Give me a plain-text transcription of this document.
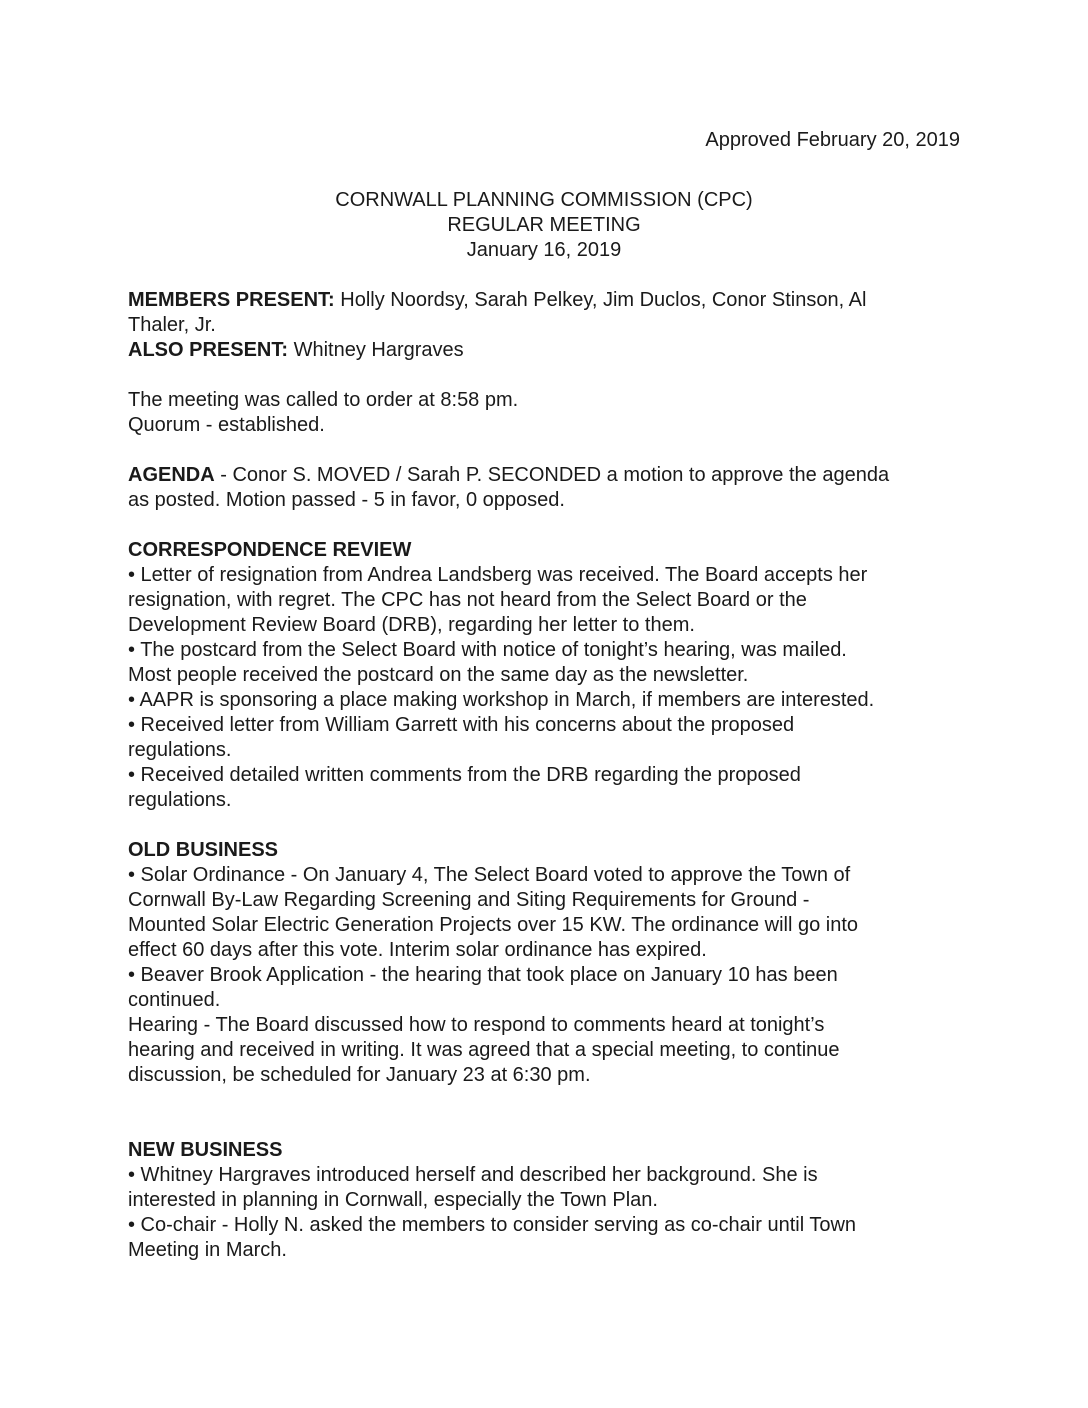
Approved February 20, 2019
CORNWALL PLANNING COMMISSION (CPC)
REGULAR MEETING
January 16, 2019
MEMBERS PRESENT: Holly Noordsy, Sarah Pelkey, Jim Duclos, Conor Stinson, Al
Thaler, Jr.
ALSO PRESENT: Whitney Hargraves
The meeting was called to order at 8:58 pm.
Quorum - established.
AGENDA - Conor S. MOVED / Sarah P. SECONDED a motion to approve the agenda
as posted. Motion passed - 5 in favor, 0 opposed.
CORRESPONDENCE REVIEW
• Letter of resignation from Andrea Landsberg was received. The Board accepts her
resignation, with regret. The CPC has not heard from the Select Board or the
Development Review Board (DRB), regarding her letter to them.
• The postcard from the Select Board with notice of tonight’s hearing, was mailed.
Most people received the postcard on the same day as the newsletter.
• AAPR is sponsoring a place making workshop in March, if members are interested.
• Received letter from William Garrett with his concerns about the proposed
regulations.
• Received detailed written comments from the DRB regarding the proposed
regulations.
OLD BUSINESS
• Solar Ordinance - On January 4, The Select Board voted to approve the Town of
Cornwall By-Law Regarding Screening and Siting Requirements for Ground -
Mounted Solar Electric Generation Projects over 15 KW. The ordinance will go into
effect 60 days after this vote. Interim solar ordinance has expired.
• Beaver Brook Application - the hearing that took place on January 10 has been
continued.
Hearing - The Board discussed how to respond to comments heard at tonight’s
hearing and received in writing. It was agreed that a special meeting, to continue
discussion, be scheduled for January 23 at 6:30 pm.
NEW BUSINESS
• Whitney Hargraves introduced herself and described her background. She is
interested in planning in Cornwall, especially the Town Plan.
• Co-chair - Holly N. asked the members to consider serving as co-chair until Town
Meeting in March.
